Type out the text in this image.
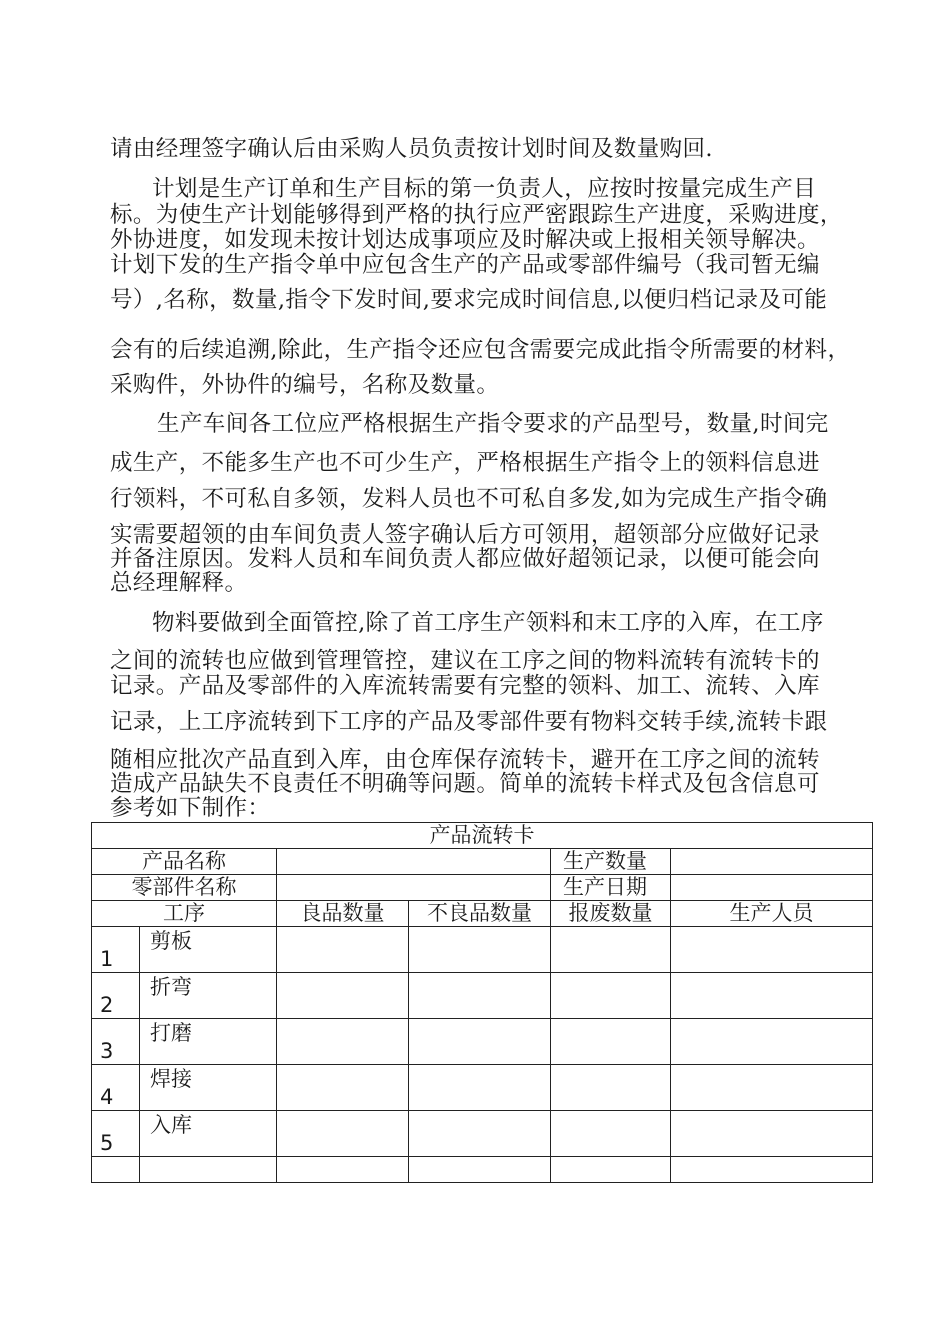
请由经理签字确认后由采购人员负责按计划时间及数量购回.
计划是生产订单和生产目标的第一负责人，应按时按量完成生产目
标。为使生产计划能够得到严格的执行应严密跟踪生产进度，采购进度，
外协进度，如发现未按计划达成事项应及时解决或上报相关领导解决。
计划下发的生产指令单中应包含生产的产品或零部件编号（我司暂无编
号）,名称，数量,指令下发时间,要求完成时间信息,以便归档记录及可能
会有的后续追溯,除此，生产指令还应包含需要完成此指令所需要的材料，
采购件，外协件的编号，名称及数量。
生产车间各工位应严格根据生产指令要求的产品型号，数量,时间完
成生产，不能多生产也不可少生产，严格根据生产指令上的领料信息进
行领料，不可私自多领，发料人员也不可私自多发,如为完成生产指令确
实需要超领的由车间负责人签字确认后方可领用，超领部分应做好记录
并备注原因。发料人员和车间负责人都应做好超领记录，以便可能会向
总经理解释。
物料要做到全面管控,除了首工序生产领料和末工序的入库，在工序
之间的流转也应做到管理管控，建议在工序之间的物料流转有流转卡的
记录。产品及零部件的入库流转需要有完整的领料、加工、流转、入库
记录，上工序流转到下工序的产品及零部件要有物料交转手续,流转卡跟
随相应批次产品直到入库，由仓库保存流转卡，避开在工序之间的流转
造成产品缺失不良责任不明确等问题。简单的流转卡样式及包含信息可
参考如下制作：
产品流转卡					
产品名称				生产数量	
零部件名称				生产日期	
工序		良品数量	不良品数量	报废数量	生产人员
1	剪板				
2	折弯				
3	打磨				
4	焊接				
5	入库				
